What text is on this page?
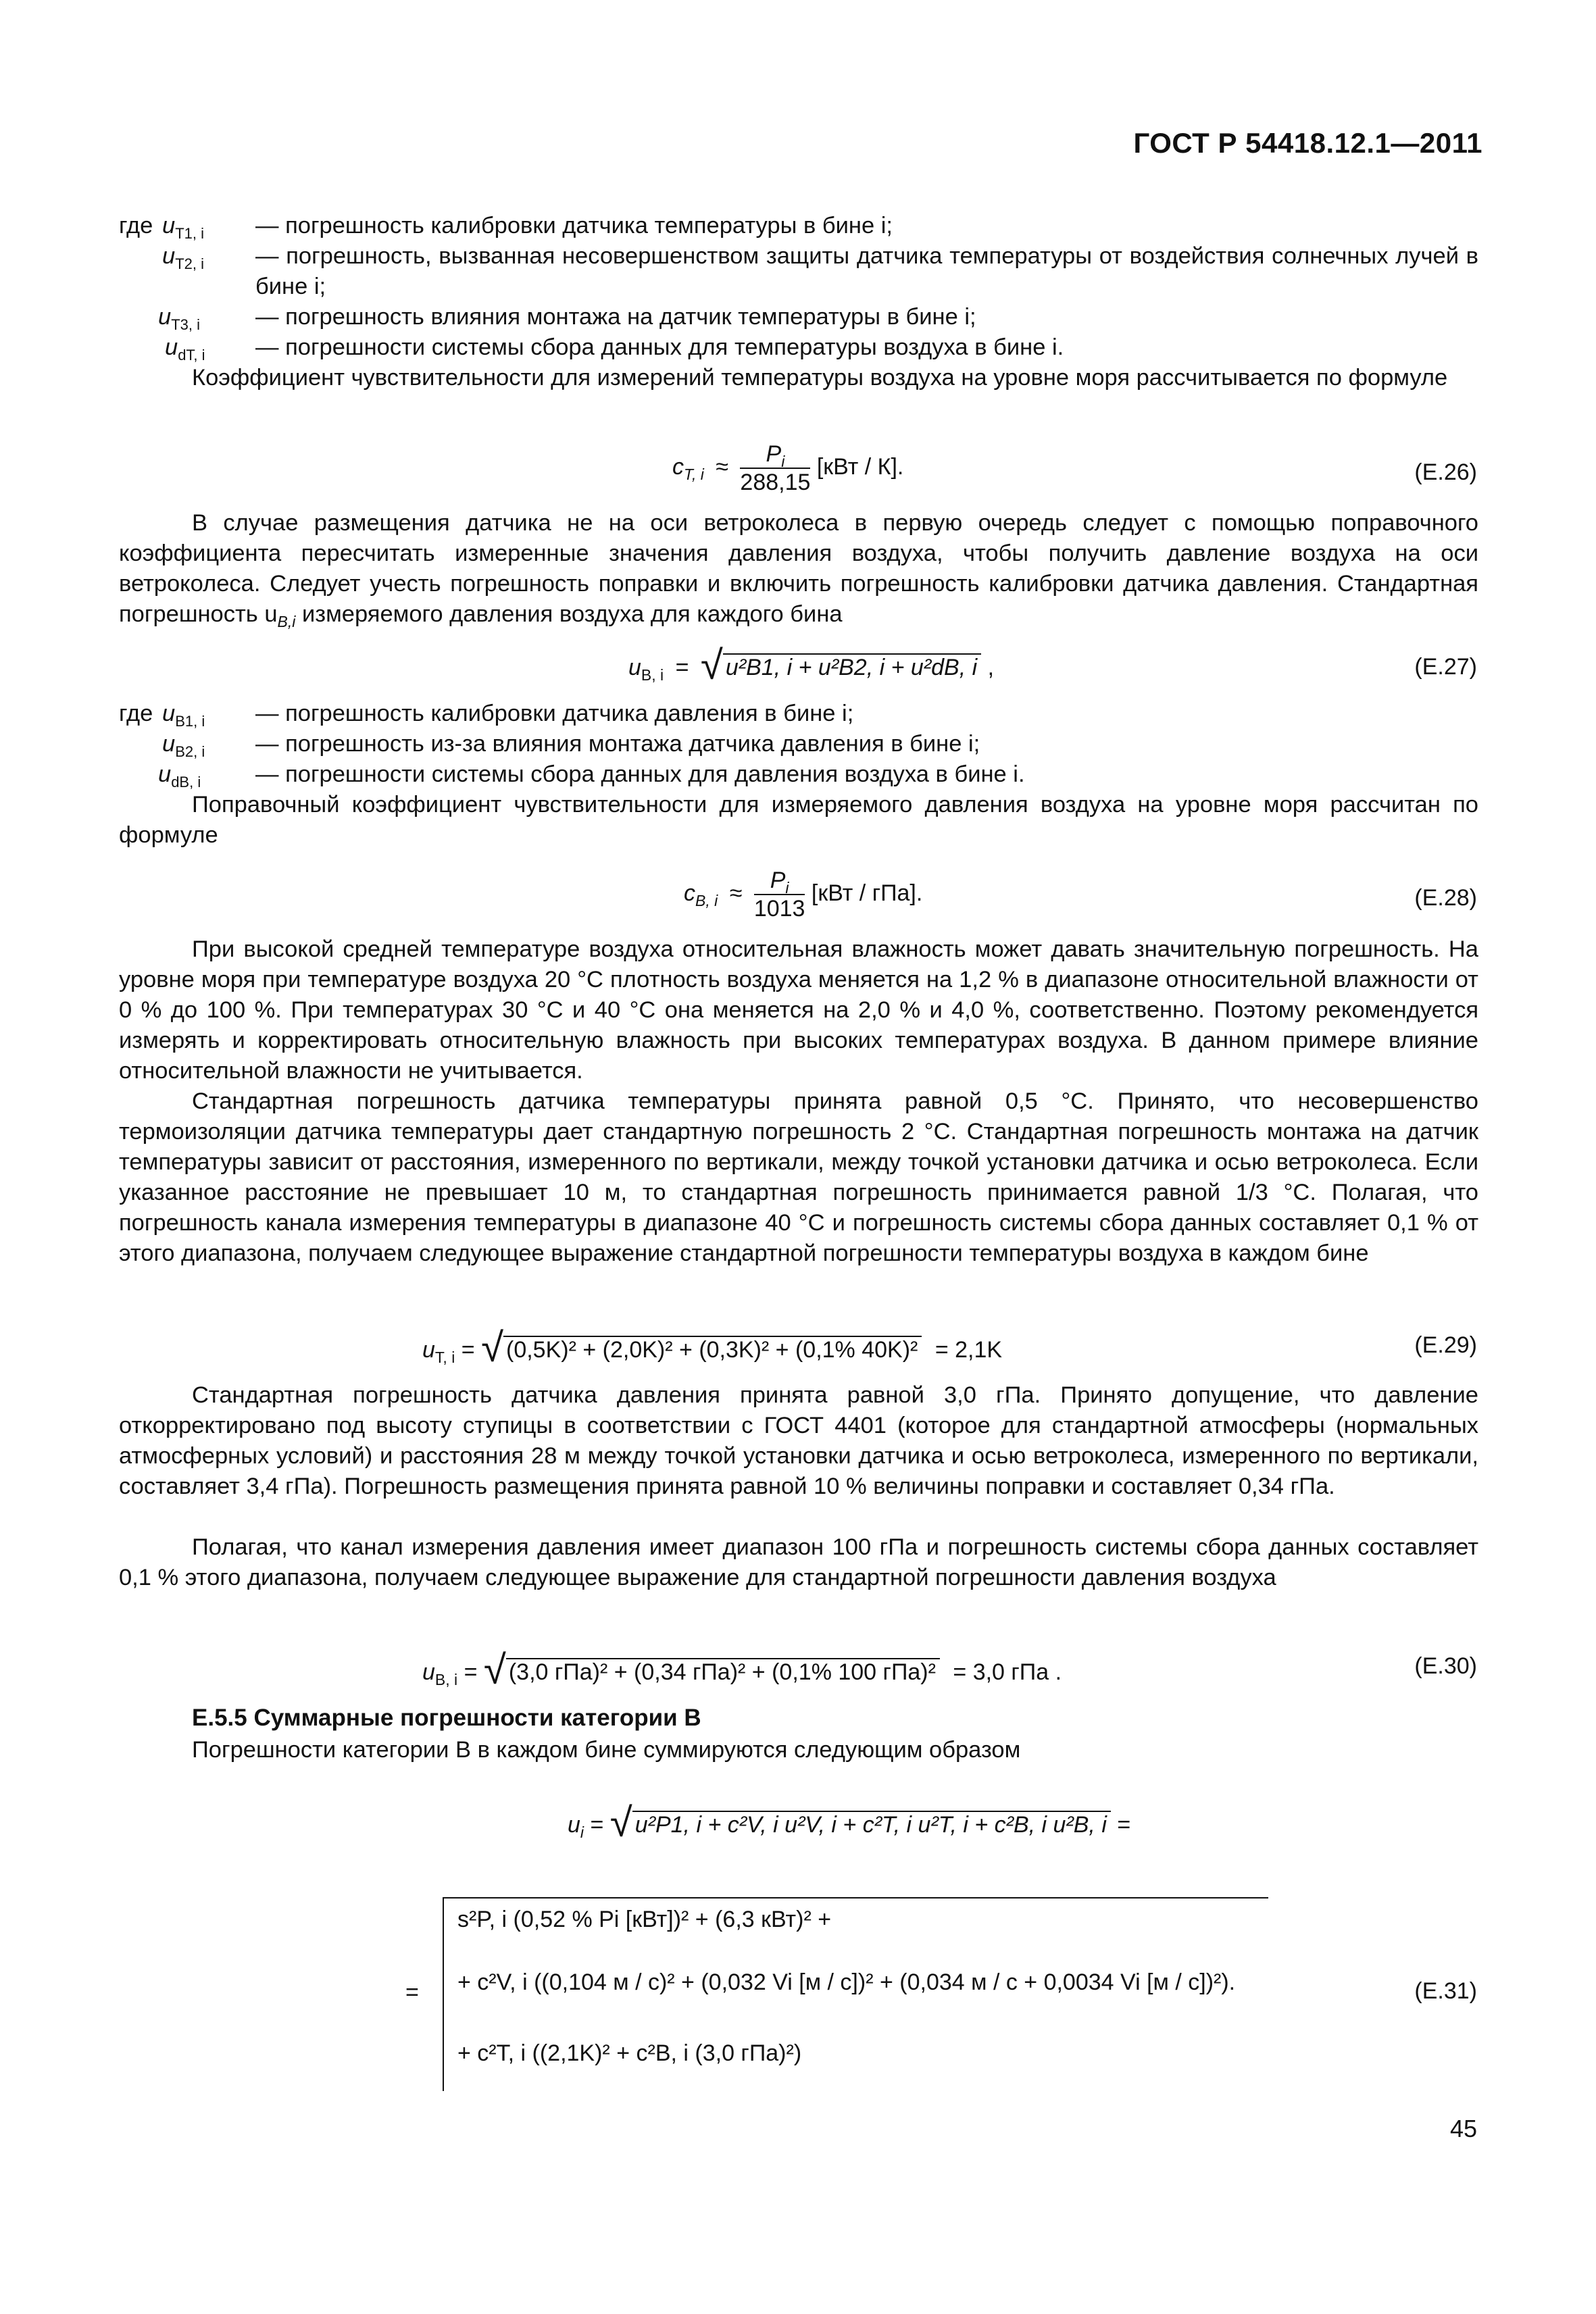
ГОСТ Р 54418.12.1—2011
где $u_{T1, i}$ — погрешность калибровки датчика температуры в бине i;
$u_{T2, i}$ — погрешность, вызванная несовершенством защиты датчика температуры от воздействия солнечных лучей в бине i;
$u_{T3, i}$ — погрешность влияния монтажа на датчик температуры в бине i;
$u_{dT, i}$ — погрешности системы сбора данных для температуры воздуха в бине i.
Коэффициент чувствительности для измерений температуры воздуха на уровне моря рассчитывается по формуле
$c_{T, i} \approx \frac{P_i}{288,15} [кВт / К]$.	(Е.26)
В случае размещения датчика не на оси ветроколеса в первую очередь следует с помощью поправочного коэффициента пересчитать измеренные значения давления воздуха, чтобы получить давление воздуха на оси ветроколеса. Следует учесть погрешность поправки и включить погрешность калибровки датчика давления. Стандартная погрешность $u_{B,i}$ измеряемого давления воздуха для каждого бина
$u_{B, i}$ = √ u²B1, i + u²B2, i + u²dB, i ,	(Е.27)
где $u_{B1, i}$ — погрешность калибровки датчика давления в бине i;
$u_{B2, i}$ — погрешность из-за влияния монтажа датчика давления в бине i;
$u_{dB, i}$ — погрешности системы сбора данных для давления воздуха в бине i.
Поправочный коэффициент чувствительности для измеряемого давления воздуха на уровне моря рассчитан по формуле
$c_{B, i} \approx \frac{P_i}{1013} [кВт / гПа]$.	(Е.28)
При высокой средней температуре воздуха относительная влажность может давать значительную погрешность. На уровне моря при температуре воздуха 20 °С плотность воздуха меняется на 1,2 % в диапазоне относительной влажности от 0 % до 100 %. При температурах 30 °С и 40 °С она меняется на 2,0 % и 4,0 %, соответственно. Поэтому рекомендуется измерять и корректировать относительную влажность при высоких температурах воздуха. В данном примере влияние относительной влажности не учитывается.
Стандартная погрешность датчика температуры принята равной 0,5 °С. Принято, что несовершенство термоизоляции датчика температуры дает стандартную погрешность 2 °С. Стандартная погрешность монтажа на датчик температуры зависит от расстояния, измеренного по вертикали, между точкой установки датчика и осью ветроколеса. Если указанное расстояние не превышает 10 м, то стандартная погрешность принимается равной 1/3 °С. Полагая, что погрешность канала измерения температуры в диапазоне 40 °С и погрешность системы сбора данных составляет 0,1 % от этого диапазона, получаем следующее выражение стандартной погрешности температуры воздуха в каждом бине
$u_{T, i}$ = √ (0,5K)² + (2,0K)² + (0,3K)² + (0,1% 40K)² = 2,1K	(Е.29)
Стандартная погрешность датчика давления принята равной 3,0 гПа. Принято допущение, что давление откорректировано под высоту ступицы в соответствии с ГОСТ 4401 (которое для стандартной атмосферы (нормальных атмосферных условий) и расстояния 28 м между точкой установки датчика и осью ветроколеса, измеренного по вертикали, составляет 3,4 гПа). Погрешность размещения принята равной 10 % величины поправки и составляет 0,34 гПа.
Полагая, что канал измерения давления имеет диапазон 100 гПа и погрешность системы сбора данных составляет 0,1 % этого диапазона, получаем следующее выражение для стандартной погрешности давления воздуха
$u_{B, i}$ = √ (3,0 гПа)² + (0,34 гПа)² + (0,1% 100 гПа)² = 3,0 гПа .	(Е.30)
Е.5.5 Суммарные погрешности категории В
Погрешности категории В в каждом бине суммируются следующим образом
$u_i$ = √ u²P1, i + c²V, i u²V, i + c²T, i u²T, i + c²B, i u²B, i =
=
s²P, i (0,52 % Pi [кВт])² + (6,3 кВт)² +
+ c²V, i ((0,104 м / с)² + (0,032 Vi [м / с])² + (0,034 м / с + 0,0034 Vi [м / с])²).
+ c²T, i ((2,1K)² + c²B, i (3,0 гПа)²)
(Е.31)
45
